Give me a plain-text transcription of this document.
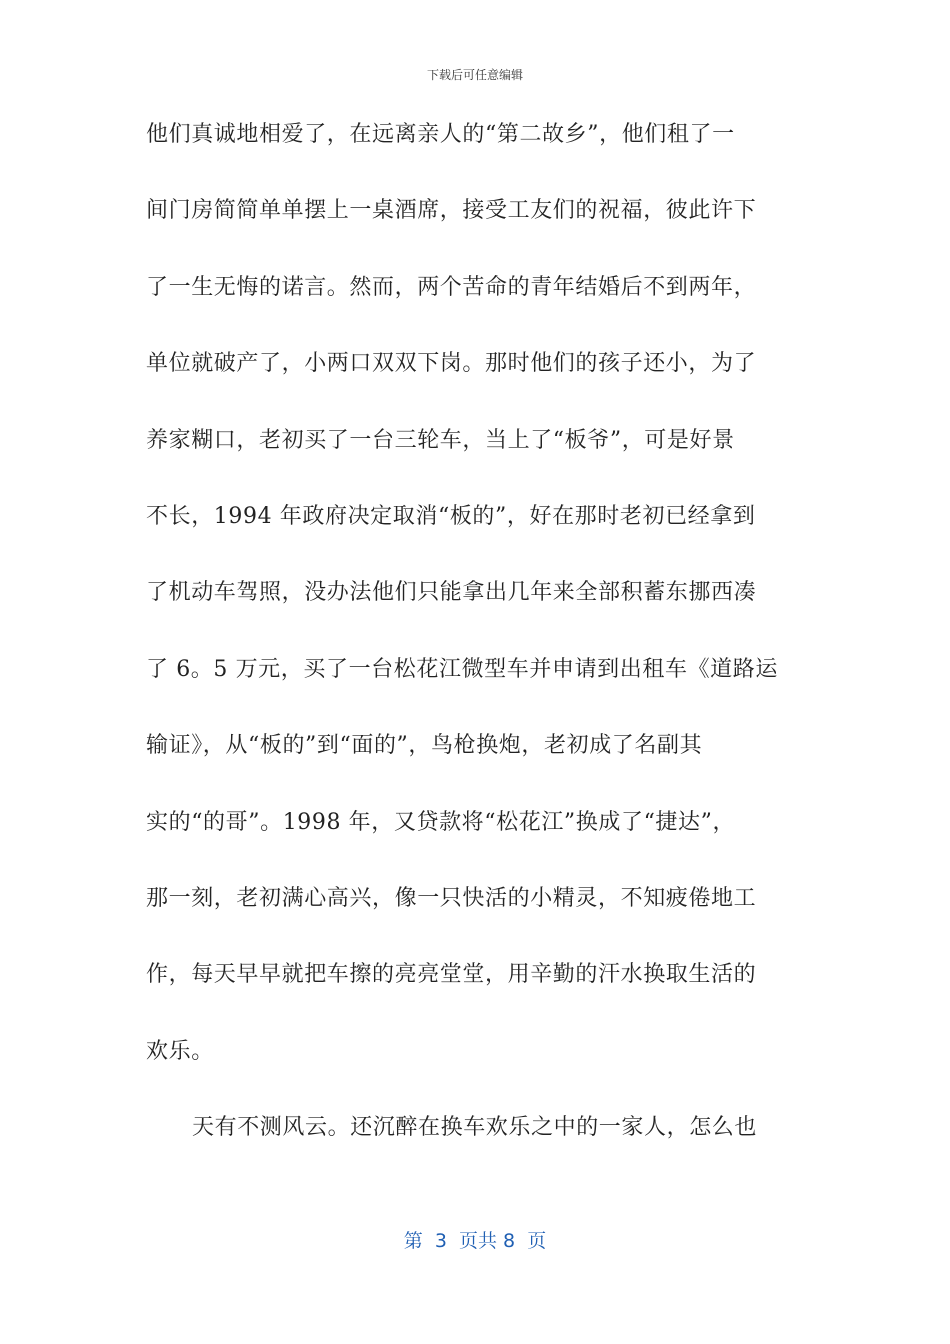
下载后可任意编辑
他们真诚地相爱了，在远离亲人的“第二故乡”，他们租了一
间门房简简单单摆上一桌酒席，接受工友们的祝福，彼此许下
了一生无悔的诺言。然而，两个苦命的青年结婚后不到两年，
单位就破产了，小两口双双下岗。那时他们的孩子还小，为了
养家糊口，老初买了一台三轮车，当上了“板爷”，可是好景
不长，1994 年政府决定取消“板的”，好在那时老初已经拿到
了机动车驾照，没办法他们只能拿出几年来全部积蓄东挪西凑
了 6。5 万元，买了一台松花江微型车并申请到出租车《道路运
输证》，从“板的”到“面的”，鸟枪换炮，老初成了名副其
实的“的哥”。1998 年，又贷款将“松花江”换成了“捷达”，
那一刻，老初满心高兴，像一只快活的小精灵，不知疲倦地工
作，每天早早就把车擦的亮亮堂堂，用辛勤的汗水换取生活的
欢乐。
天有不测风云。还沉醉在换车欢乐之中的一家人，怎么也
第  3  页共 8  页
